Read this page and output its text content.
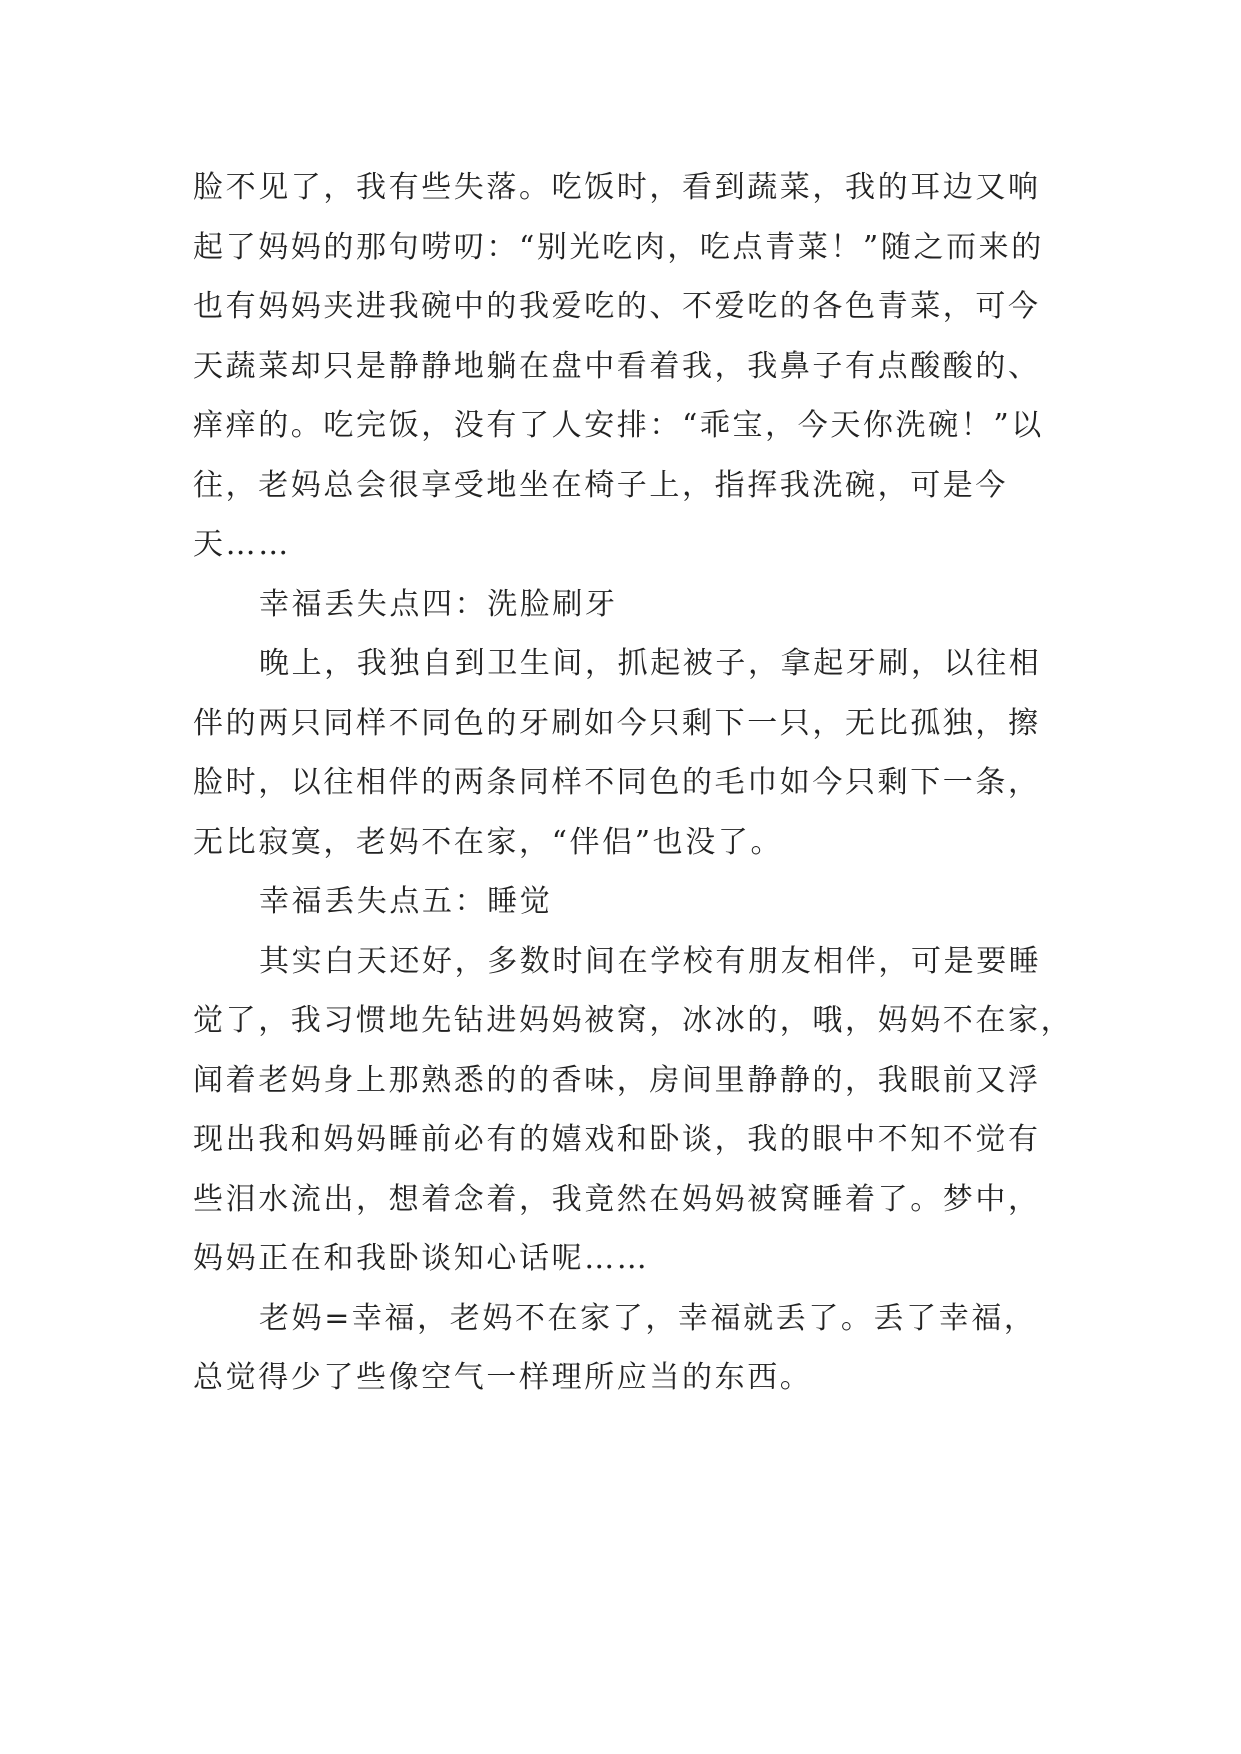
脸不见了，我有些失落。吃饭时，看到蔬菜，我的耳边又响
起了妈妈的那句唠叨：“别光吃肉，吃点青菜！”随之而来的
也有妈妈夹进我碗中的我爱吃的、不爱吃的各色青菜，可今
天蔬菜却只是静静地躺在盘中看着我，我鼻子有点酸酸的、
痒痒的。吃完饭，没有了人安排：“乖宝，今天你洗碗！”以
往，老妈总会很享受地坐在椅子上，指挥我洗碗，可是今
天……
幸福丢失点四：洗脸刷牙
晚上，我独自到卫生间，抓起被子，拿起牙刷，以往相
伴的两只同样不同色的牙刷如今只剩下一只，无比孤独，擦
脸时，以往相伴的两条同样不同色的毛巾如今只剩下一条，
无比寂寞，老妈不在家，“伴侣”也没了。
幸福丢失点五：睡觉
其实白天还好，多数时间在学校有朋友相伴，可是要睡
觉了，我习惯地先钻进妈妈被窝，冰冰的，哦，妈妈不在家，
闻着老妈身上那熟悉的的香味，房间里静静的，我眼前又浮
现出我和妈妈睡前必有的嬉戏和卧谈，我的眼中不知不觉有
些泪水流出，想着念着，我竟然在妈妈被窝睡着了。梦中，
妈妈正在和我卧谈知心话呢……
老妈=幸福，老妈不在家了，幸福就丢了。丢了幸福，
总觉得少了些像空气一样理所应当的东西。
